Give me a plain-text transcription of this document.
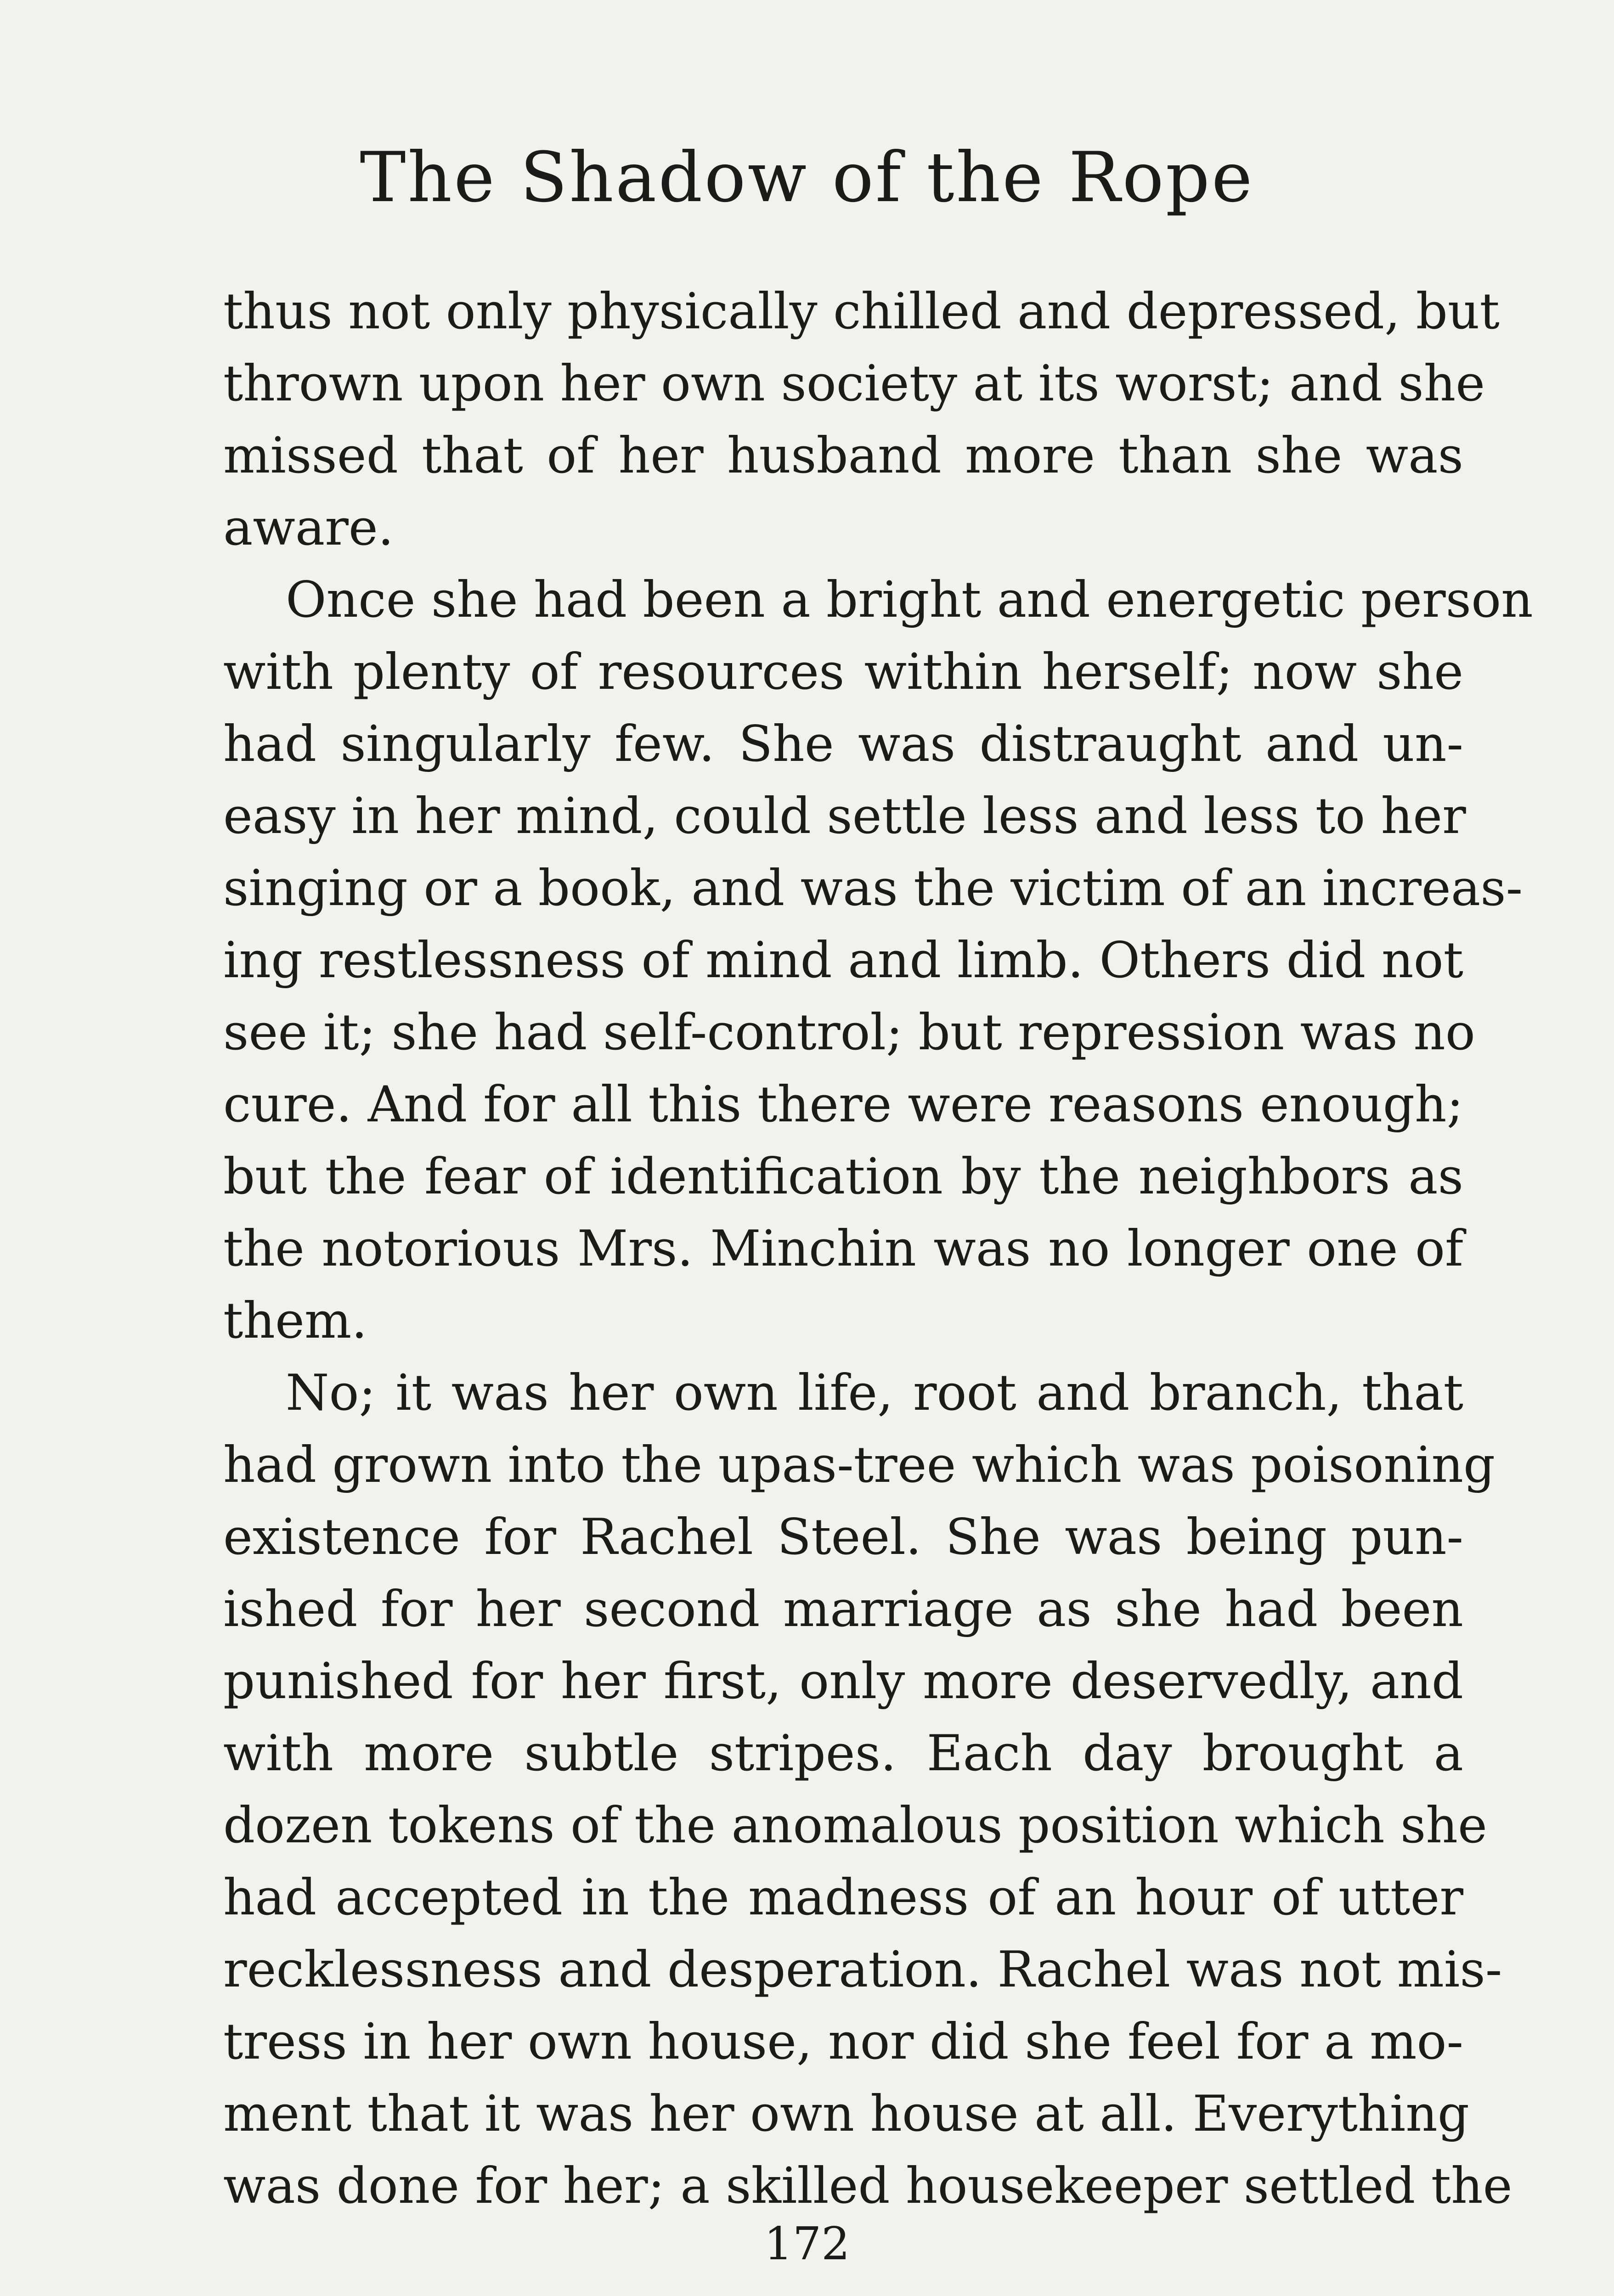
The Shadow of the Rope
thus not only physically chilled and depressed, but
thrown upon her own society at its worst; and she
missed that of her husband more than she was
aware.
Once she had been a bright and energetic person
with plenty of resources within herself; now she
had singularly few. She was distraught and un-
easy in her mind, could settle less and less to her
singing or a book, and was the victim of an increas-
ing restlessness of mind and limb. Others did not
see it; she had self-control; but repression was no
cure. And for all this there were reasons enough;
but the fear of identification by the neighbors as
the notorious Mrs. Minchin was no longer one of
them.
No; it was her own life, root and branch, that
had grown into the upas-tree which was poisoning
existence for Rachel Steel. She was being pun-
ished for her second marriage as she had been
punished for her first, only more deservedly, and
with more subtle stripes. Each day brought a
dozen tokens of the anomalous position which she
had accepted in the madness of an hour of utter
recklessness and desperation. Rachel was not mis-
tress in her own house, nor did she feel for a mo-
ment that it was her own house at all. Everything
was done for her; a skilled housekeeper settled the
172
